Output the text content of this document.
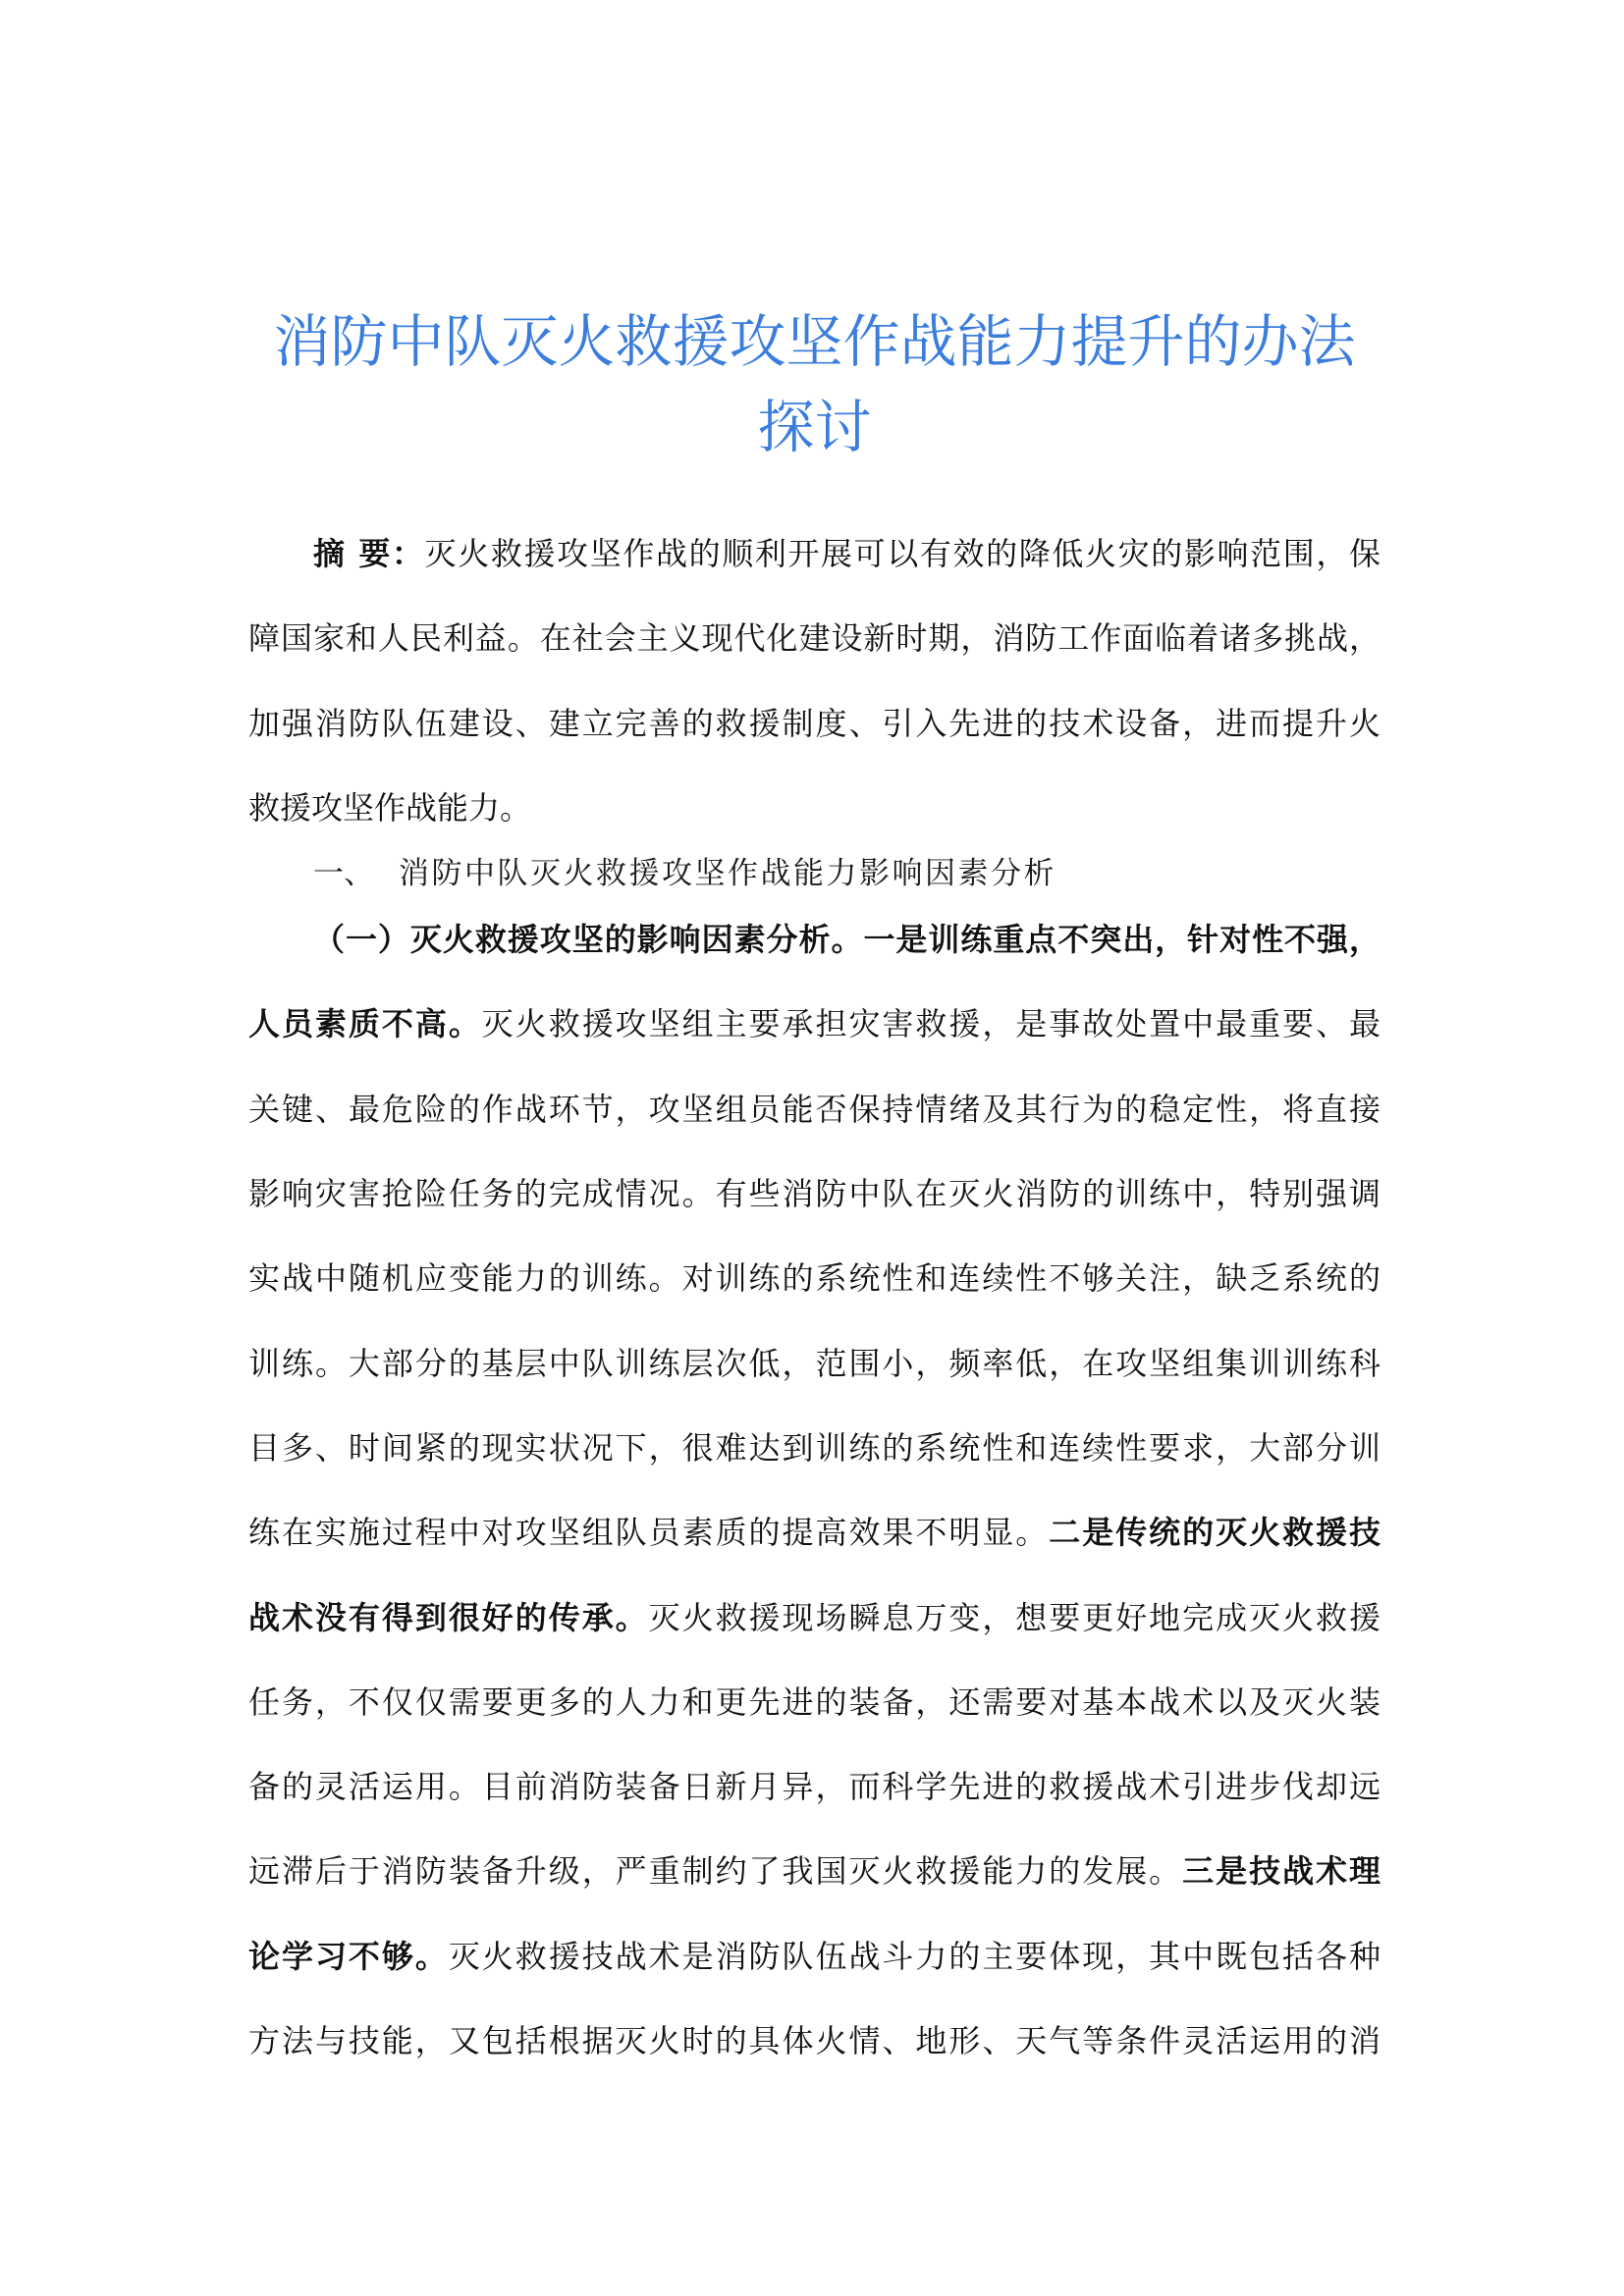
消防中队灭火救援攻坚作战能力提升的办法
探讨
摘 要：灭火救援攻坚作战的顺利开展可以有效的降低火灾的影响范围，保
障国家和人民利益。在社会主义现代化建设新时期，消防工作面临着诸多挑战，
加强消防队伍建设、建立完善的救援制度、引入先进的技术设备，进而提升火
救援攻坚作战能力。
一、 消防中队灭火救援攻坚作战能力影响因素分析
（一）灭火救援攻坚的影响因素分析。一是训练重点不突出，针对性不强，
人员素质不高。灭火救援攻坚组主要承担灾害救援，是事故处置中最重要、最
关键、最危险的作战环节，攻坚组员能否保持情绪及其行为的稳定性，将直接
影响灾害抢险任务的完成情况。有些消防中队在灭火消防的训练中，特别强调
实战中随机应变能力的训练。对训练的系统性和连续性不够关注，缺乏系统的
训练。大部分的基层中队训练层次低，范围小，频率低，在攻坚组集训训练科
目多、时间紧的现实状况下，很难达到训练的系统性和连续性要求，大部分训
练在实施过程中对攻坚组队员素质的提高效果不明显。二是传统的灭火救援技
战术没有得到很好的传承。灭火救援现场瞬息万变，想要更好地完成灭火救援
任务，不仅仅需要更多的人力和更先进的装备，还需要对基本战术以及灭火装
备的灵活运用。目前消防装备日新月异，而科学先进的救援战术引进步伐却远
远滞后于消防装备升级，严重制约了我国灭火救援能力的发展。三是技战术理
论学习不够。灭火救援技战术是消防队伍战斗力的主要体现，其中既包括各种
方法与技能，又包括根据灭火时的具体火情、地形、天气等条件灵活运用的消
